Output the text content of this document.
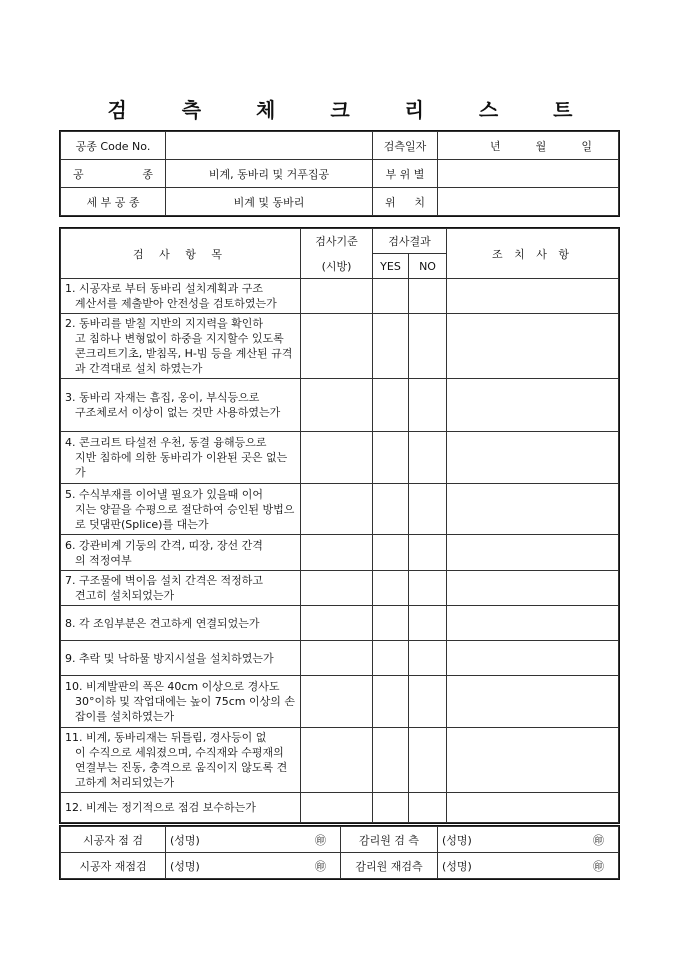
검 측 체 크 리 스 트
공종 Code No.		검측일자	년 월 일

공 종	비계, 동바리 및 거푸집공	부 위 별	
세 부 공 종	비계 및 동바리	위 치	

검 사 항 목	검사기준	검사결과		조 치 사 항
	(시방)	YES	NO	
1. 시공자로 부터 동바리 설치계획과 구조
계산서를 제출받아 안전성을 검토하였는가				

2. 동바리를 받칠 지반의 지지력을 확인하
고 침하나 변형없이 하중을 지지할수 있도록 콘크리트기초, 받침목, H-빔 등을 계산된 규격과 간격대로 설치 하였는가				

3. 동바리 자재는 흠집, 옹이, 부식등으로
구조체로서 이상이 없는 것만 사용하였는가				

4. 콘크리트 타설전 우천, 동결 융해등으로
지반 침하에 의한 동바리가 이완된 곳은 없는가				

5. 수식부재를 이어낼 필요가 있을때 이어
지는 양끝을 수평으로 절단하여 승인된 방법으로 덧댐판(Splice)를 대는가				

6. 강관비계 기둥의 간격, 띠장, 장선 간격
의 적정여부				

7. 구조물에 벽이음 설치 간격은 적정하고
견고히 설치되었는가				

8. 각 조임부분은 견고하게 연결되었는가

9. 추락 및 낙하물 방지시설을 설치하였는가

10. 비계발판의 폭은 40cm 이상으로 경사도
30°이하 및 작업대에는 높이 75cm 이상의 손잡이를 설치하였는가				

11. 비계, 동바리재는 뒤틀림, 경사등이 없
이 수직으로 세워졌으며, 수직재와 수평재의 연결부는 진동, 충격으로 움직이지 않도록 견고하게 처리되었는가				

12. 비계는 정기적으로 점검 보수하는가

시공자 점 검	(성명) ㊞	감리원 검 측	(성명) ㊞

시공자 재점검	(성명) ㊞	감리원 재검측	(성명) ㊞
